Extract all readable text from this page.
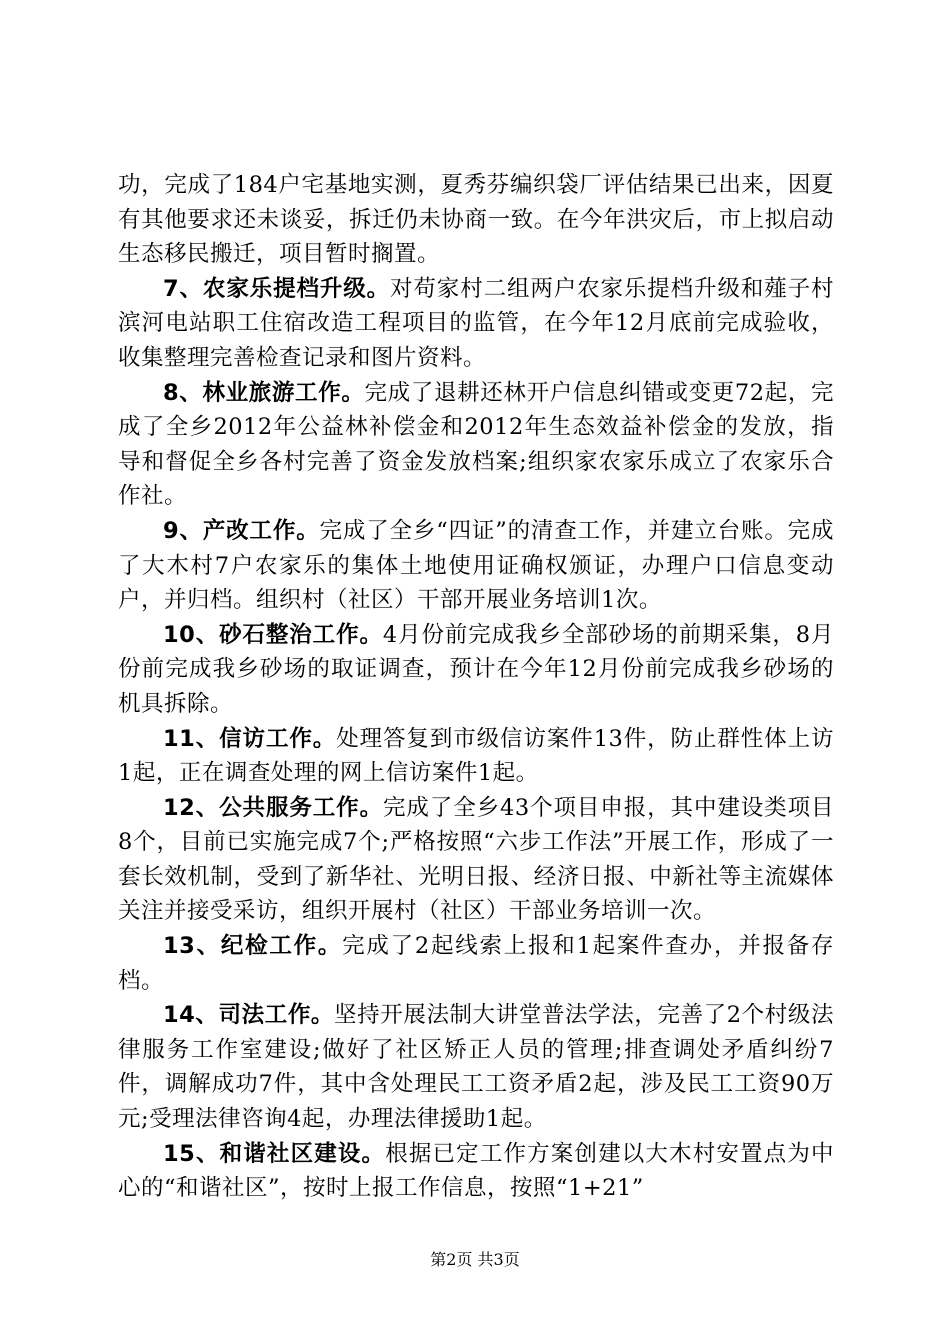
功，完成了184户宅基地实测，夏秀芬编织袋厂评估结果已出来，因夏有其他要求还未谈妥，拆迁仍未协商一致。在今年洪灾后，市上拟启动生态移民搬迁，项目暂时搁置。

7、农家乐提档升级。对苟家村二组两户农家乐提档升级和薤子村滨河电站职工住宿改造工程项目的监管，在今年12月底前完成验收，收集整理完善检查记录和图片资料。

8、林业旅游工作。完成了退耕还林开户信息纠错或变更72起，完成了全乡2012年公益林补偿金和2012年生态效益补偿金的发放，指导和督促全乡各村完善了资金发放档案;组织家农家乐成立了农家乐合作社。

9、产改工作。完成了全乡“四证”的清查工作，并建立台账。完成了大木村7户农家乐的集体土地使用证确权颁证，办理户口信息变动户，并归档。组织村（社区）干部开展业务培训1次。

10、砂石整治工作。4月份前完成我乡全部砂场的前期采集，8月份前完成我乡砂场的取证调查，预计在今年12月份前完成我乡砂场的机具拆除。

11、信访工作。处理答复到市级信访案件13件，防止群性体上访1起，正在调查处理的网上信访案件1起。

12、公共服务工作。完成了全乡43个项目申报，其中建设类项目8个，目前已实施完成7个;严格按照“六步工作法”开展工作，形成了一套长效机制，受到了新华社、光明日报、经济日报、中新社等主流媒体关注并接受采访，组织开展村（社区）干部业务培训一次。

13、纪检工作。完成了2起线索上报和1起案件查办，并报备存档。

14、司法工作。坚持开展法制大讲堂普法学法，完善了2个村级法律服务工作室建设;做好了社区矫正人员的管理;排查调处矛盾纠纷7件，调解成功7件，其中含处理民工工资矛盾2起，涉及民工工资90万元;受理法律咨询4起，办理法律援助1起。

15、和谐社区建设。根据已定工作方案创建以大木村安置点为中心的“和谐社区”，按时上报工作信息，按照“1+21”

第2页 共3页
